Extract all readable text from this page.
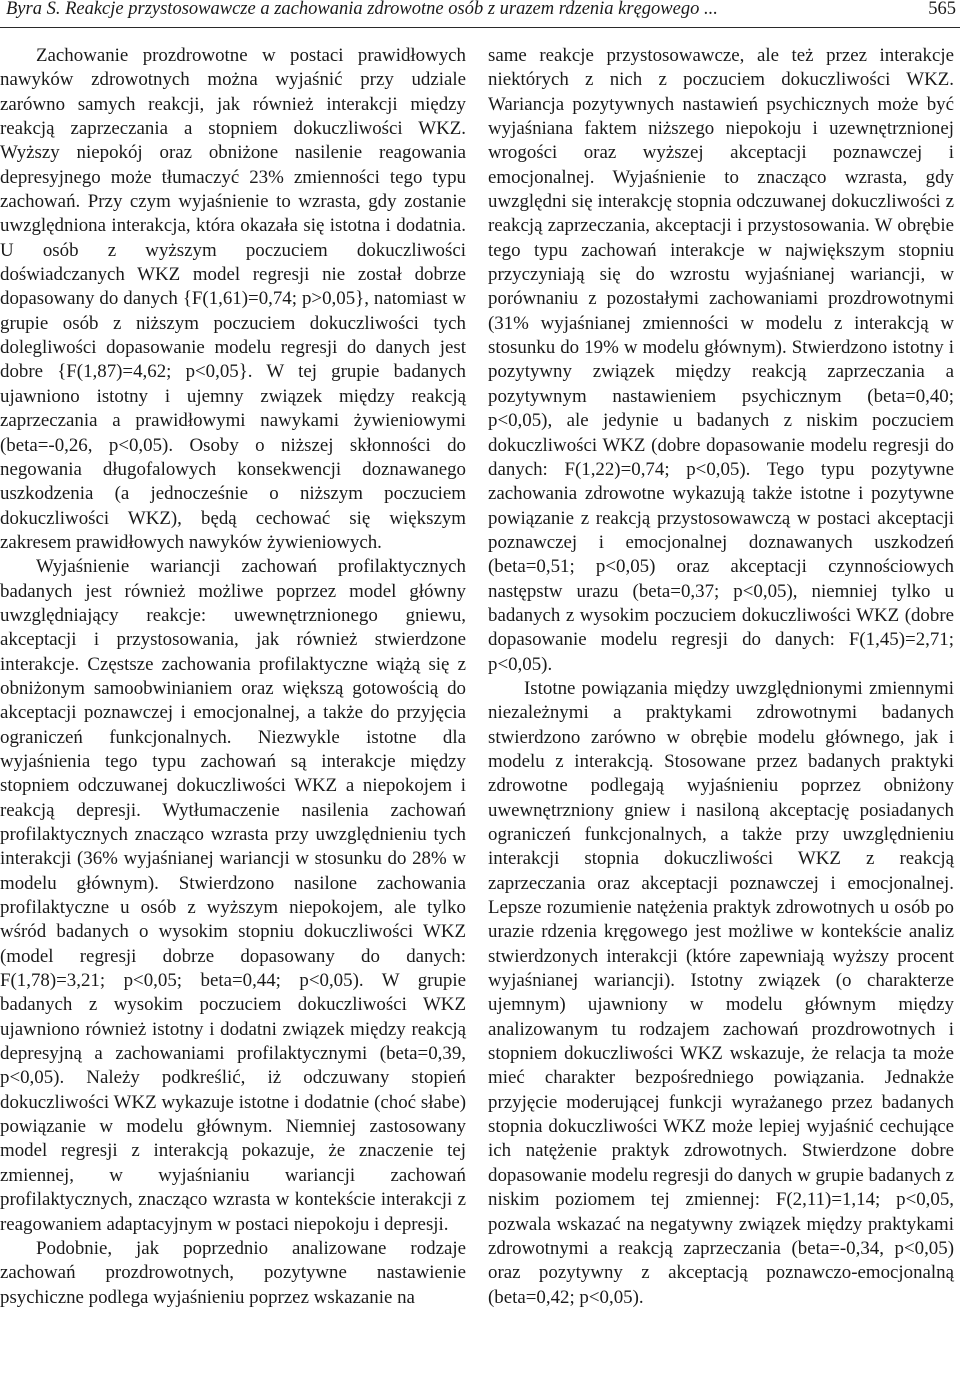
Byra S. Reakcje przystosowawcze a zachowania zdrowotne osób z urazem rdzenia kręgowego ...	565

Zachowanie prozdrowotne w postaci prawidłowych nawyków zdrowotnych można wyjaśnić przy udziale zarówno samych reakcji, jak również interakcji między reakcją zaprzeczania a stopniem dokuczliwości WKZ. Wyższy niepokój oraz obniżone nasilenie reagowania depresyjnego może tłumaczyć 23% zmienności tego typu zachowań. Przy czym wyjaśnienie to wzrasta, gdy zostanie uwzględniona interakcja, która okazała się istotna i dodatnia. U osób z wyższym poczuciem dokuczliwości doświadczanych WKZ model regresji nie został dobrze dopasowany do danych {F(1,61)=0,74; p>0,05}, natomiast w grupie osób z niższym poczuciem dokuczliwości tych dolegliwości dopasowanie modelu regresji do danych jest dobre {F(1,87)=4,62; p<0,05}. W tej grupie badanych ujawniono istotny i ujemny związek między reakcją zaprzeczania a prawidłowymi nawykami żywieniowymi (beta=-0,26, p<0,05). Osoby o niższej skłonności do negowania długofalowych konsekwencji doznawanego uszkodzenia (a jednocześnie o niższym poczuciem dokuczliwości WKZ), będą cechować się większym zakresem prawidłowych nawyków żywieniowych.

Wyjaśnienie wariancji zachowań profilaktycznych badanych jest również możliwe poprzez model główny uwzględniający reakcje: uwewnętrznionego gniewu, akceptacji i przystosowania, jak również stwierdzone interakcje. Częstsze zachowania profilaktyczne wiążą się z obniżonym samoobwinianiem oraz większą gotowością do akceptacji poznawczej i emocjonalnej, a także do przyjęcia ograniczeń funkcjonalnych. Niezwykle istotne dla wyjaśnienia tego typu zachowań są interakcje między stopniem odczuwanej dokuczliwości WKZ a niepokojem i reakcją depresji. Wytłumaczenie nasilenia zachowań profilaktycznych znacząco wzrasta przy uwzględnieniu tych interakcji (36% wyjaśnianej wariancji w stosunku do 28% w modelu głównym). Stwierdzono nasilone zachowania profilaktyczne u osób z wyższym niepokojem, ale tylko wśród badanych o wysokim stopniu dokuczliwości WKZ (model regresji dobrze dopasowany do danych: F(1,78)=3,21; p<0,05; beta=0,44; p<0,05). W grupie badanych z wysokim poczuciem dokuczliwości WKZ ujawniono również istotny i dodatni związek między reakcją depresyjną a zachowaniami profilaktycznymi (beta=0,39, p<0,05). Należy podkreślić, iż odczuwany stopień dokuczliwości WKZ wykazuje istotne i dodatnie (choć słabe) powiązanie w modelu głównym. Niemniej zastosowany model regresji z interakcją pokazuje, że znaczenie tej zmiennej, w wyjaśnianiu wariancji zachowań profilaktycznych, znacząco wzrasta w kontekście interakcji z reagowaniem adaptacyjnym w postaci niepokoju i depresji.

Podobnie, jak poprzednio analizowane rodzaje zachowań prozdrowotnych, pozytywne nastawienie psychiczne podlega wyjaśnieniu poprzez wskazanie na

same reakcje przystosowawcze, ale też przez interakcje niektórych z nich z poczuciem dokuczliwości WKZ. Wariancja pozytywnych nastawień psychicznych może być wyjaśniana faktem niższego niepokoju i uzewnętrznionej wrogości oraz wyższej akceptacji poznawczej i emocjonalnej. Wyjaśnienie to znacząco wzrasta, gdy uwzględni się interakcję stopnia odczuwanej dokuczliwości z reakcją zaprzeczania, akceptacji i przystosowania. W obrębie tego typu zachowań interakcje w największym stopniu przyczyniają się do wzrostu wyjaśnianej wariancji, w porównaniu z pozostałymi zachowaniami prozdrowotnymi (31% wyjaśnianej zmienności w modelu z interakcją w stosunku do 19% w modelu głównym). Stwierdzono istotny i pozytywny związek między reakcją zaprzeczania a pozytywnym nastawieniem psychicznym (beta=0,40; p<0,05), ale jedynie u badanych z niskim poczuciem dokuczliwości WKZ (dobre dopasowanie modelu regresji do danych: F(1,22)=0,74; p<0,05). Tego typu pozytywne zachowania zdrowotne wykazują także istotne i pozytywne powiązanie z reakcją przystosowawczą w postaci akceptacji poznawczej i emocjonalnej doznawanych uszkodzeń (beta=0,51; p<0,05) oraz akceptacji czynnościowych następstw urazu (beta=0,37; p<0,05), niemniej tylko u badanych z wysokim poczuciem dokuczliwości WKZ (dobre dopasowanie modelu regresji do danych: F(1,45)=2,71; p<0,05).

Istotne powiązania między uwzględnionymi zmiennymi niezależnymi a praktykami zdrowotnymi badanych stwierdzono zarówno w obrębie modelu głównego, jak i modelu z interakcją. Stosowane przez badanych praktyki zdrowotne podlegają wyjaśnieniu poprzez obniżony uwewnętrzniony gniew i nasiloną akceptację posiadanych ograniczeń funkcjonalnych, a także przy uwzględnieniu interakcji stopnia dokuczliwości WKZ z reakcją zaprzeczania oraz akceptacji poznawczej i emocjonalnej. Lepsze rozumienie natężenia praktyk zdrowotnych u osób po urazie rdzenia kręgowego jest możliwe w kontekście analiz stwierdzonych interakcji (które zapewniają wyższy procent wyjaśnianej wariancji). Istotny związek (o charakterze ujemnym) ujawniony w modelu głównym między analizowanym tu rodzajem zachowań prozdrowotnych i stopniem dokuczliwości WKZ wskazuje, że relacja ta może mieć charakter bezpośredniego powiązania. Jednakże przyjęcie moderującej funkcji wyrażanego przez badanych stopnia dokuczliwości WKZ może lepiej wyjaśnić cechujące ich natężenie praktyk zdrowotnych. Stwierdzone dobre dopasowanie modelu regresji do danych w grupie badanych z niskim poziomem tej zmiennej: F(2,11)=1,14; p<0,05, pozwala wskazać na negatywny związek między praktykami zdrowotnymi a reakcją zaprzeczania (beta=-0,34, p<0,05) oraz pozytywny z akceptacją poznawczo-emocjonalną (beta=0,42; p<0,05).
